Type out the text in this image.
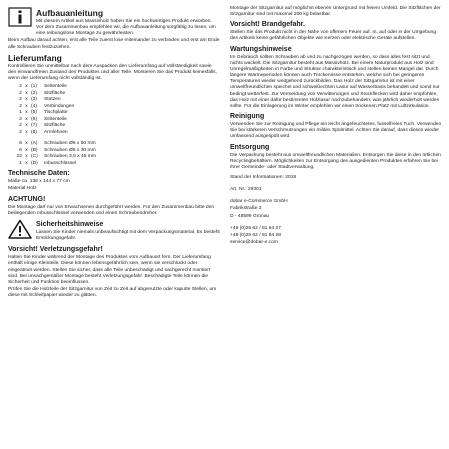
Aufbauanleitung

Mit diesem Artikel aus Massivholz haben Sie ein hochwertiges Produkt erworben. Vor dem Zusammenbau empfehlen wir, die Aufbauanleitung sorgfältig zu lesen, um eine reibungslose Montage zu gewährleisten.

Beim Aufbau darauf achten, erst alle Teile zuerst lose miteinander zu verbinden und erst am Ende alle Schrauben festzuziehen.

Lieferumfang

Kontrollieren Sie unmittelbar nach dem Auspacken den Lieferumfang auf Vollständigkeit sowie den einwandfreien Zustand des Produktes und aller Teile. Montieren Sie das Produkt keinesfalls, wenn der Lieferumfang nicht vollständig ist.

2 x (1)	Seitenteile
2 x (2)	Sitzfläche
2 x (3)	Stützen
2 x (4)	Verbindungen
1 x (5)	Tischplatte
2 x (6)	Seitenteile
2 x (7)	Sitzfläche
2 x (8)	Armlehnen
6 x (A)	Schrauben Ø6 x 50 mm
6 x (B)	Schrauben Ø6 x 30 mm
22 x (C)	Schrauben 3,5 x 45 mm
1 x (D)	Inbusschlüssel
Technische Daten:

Maße ca. 138 x 144 x 77 cm

Material Holz

ACHTUNG!

Die Montage darf nur von Erwachsenen durchgeführt werden. Für den Zusammenbau bitte den beiliegenden Inbusschlüssel verwenden und einen Schraubendreher.

Sicherheitshinweise

Lassen Sie Kinder niemals unbeaufsichtigt mit dem Verpackungsmaterial. Es besteht Erstickungsgefahr.

Vorsicht! Verletzungsgefahr!

Halten Sie Kinder während der Montage des Produktes vom Aufbauort fern. Der Lieferumfang enthält einige Kleinteile. Diese können lebensgefährlich sein, wenn sie verschluckt oder eingeatmet werden. Stellen Sie sicher, dass alle Teile unbeschädigt und sachgerecht montiert sind. Bei unsachgemäßer Montage besteht Verletzungsgefahr. Beschädigte Teile können die Sicherheit und Funktion beeinflussen.

Prüfen Sie die Holzteile der Sitzgarnitur von Zeit zu Zeit auf abgenutzte oder kaputte Stellen, um diese mit Schleifpapier wieder zu glätten.

Montage der Sitzgarnitur auf möglichst ebenen Untergrund mit freiem Umfeld. Die Sitzflächen der Sitzgarnitur sind mit maximal 200 kg belastbar.

Vorsicht! Brandgefahr.

Stellen Sie das Produkt nicht in der Nähe von offenem Feuer auf. In, auf oder in der Umgebung des Artikels keine gefährlichen Objekte wie Kerzen oder elektrische Geräte aufstellen.

Wartungshinweise

Im Gebrauch sollten Schrauben ab und zu nachgezogen werden, so dass alles fest sitzt und nichts wackelt. Die Sitzgarnitur besteht aus Massivholz. Bei einem Naturprodukt aus Holz sind Unregelmäßigkeiten in Farbe und Struktur charakteristisch und stellen keinen Mangel dar. Durch längere Wärmeperioden können auch Trockenrisse entstehen, welche sich bei geringeren Temperaturen wieder weitgehend zurückbilden. Das Holz der Sitzgarnitur ist mit einer umweltfreundlichen speichel und schweißechten Lasur auf Wasserbasis behandelt und somit nur bedingt wetterfest. Zur Vermeidung von Verwitterungen und Stockflecken wird daher empfohlen, das Holz mit einer dafür bestimmten Holzlasur nachzubehandeln, was jährlich wiederholt werden sollte. Für die Einlagerung im Winter empfehlen wir einen trockenen Platz mit Luftzirkulation.

Reinigung

Verwenden Sie zur Reinigung und Pflege ein leicht angefeuchtetes, fusselfreies Tuch. Verwenden Sie bei stärkeren Verschmutzungen ein mildes Spülmittel. Achten Sie darauf, dass dieses wieder umfassend ausgespült wird.

Entsorgung

Die Verpackung besteht aus umweltfreundlichen Materialien. Entsorgen Sie diese in den örtlichen Recyclingbehältern. Möglichkeiten zur Entsorgung des ausgedienten Produktes erfahren Sie bei Ihrer Gemeinde- oder Stadtverwaltung.

Stand der Informationen: 2018

Art. Nr.: 29301

dobar e-Commerce GmbH

Fabrikstraße 3

D - 48599 Gronau

+49 (0)25 62 / 81 64 27

+49 (0)25 62 / 81 64 28

service@dobar-e.com
